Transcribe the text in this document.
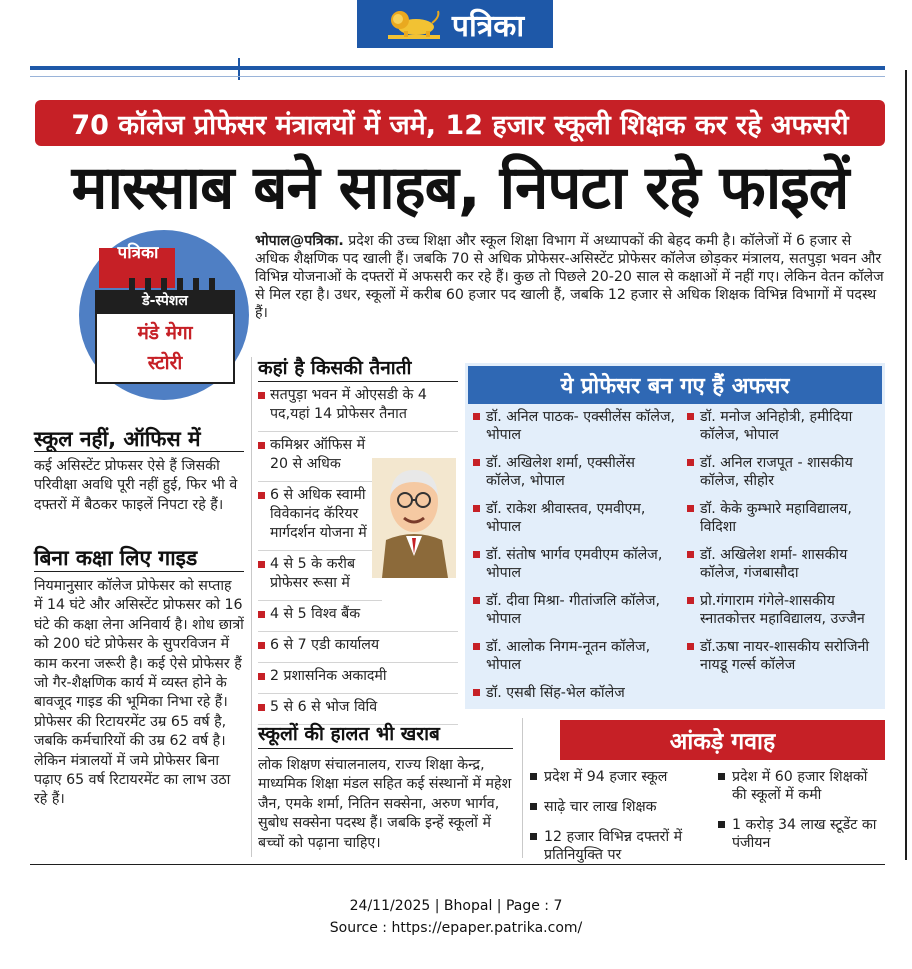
पत्रिका
70 कॉलेज प्रोफेसर मंत्रालयों में जमे, 12 हजार स्कूली शिक्षक कर रहे अफसरी
मास्साब बने साहब, निपटा रहे फाइलें
पत्रिका
डे-स्पेशल
मंडे मेगा
स्टोरी
भोपाल@पत्रिका. प्रदेश की उच्च शिक्षा और स्कूल शिक्षा विभाग में अध्यापकों की बेहद कमी है। कॉलेजों में 6 हजार से अधिक शैक्षणिक पद खाली हैं। जबकि 70 से अधिक प्रोफेसर-असिस्टेंट प्रोफेसर कॉलेज छोड़कर मंत्रालय, सतपुड़ा भवन और विभिन्न योजनाओं के दफ्तरों में अफसरी कर रहे हैं। कुछ तो पिछले 20-20 साल से कक्षाओं में नहीं गए। लेकिन वेतन कॉलेज से मिल रहा है। उधर, स्कूलों में करीब 60 हजार पद खाली हैं, जबकि 12 हजार से अधिक शिक्षक विभिन्न विभागों में पदस्थ हैं।
स्कूल नहीं, ऑफिस में
कई असिस्टेंट प्रोफसर ऐसे हैं जिसकी परिवीक्षा अवधि पूरी नहीं हुई, फिर भी वे दफ्तरों में बैठकर फाइलें निपटा रहे हैं।
बिना कक्षा लिए गाइड
नियमानुसार कॉलेज प्रोफेसर को सप्ताह में 14 घंटे और असिस्टेंट प्रोफसर को 16 घंटे की कक्षा लेना अनिवार्य है। शोध छात्रों को 200 घंटे प्रोफेसर के सुपरविजन में काम करना जरूरी है। कई ऐसे प्रोफेसर हैं जो गैर-शैक्षणिक कार्य में व्यस्त होने के बावजूद गाइड की भूमिका निभा रहे हैं। प्रोफेसर की रिटायरमेंट उम्र 65 वर्ष है, जबकि कर्मचारियों की उम्र 62 वर्ष है। लेकिन मंत्रालयों में जमे प्रोफेसर बिना पढ़ाए 65 वर्ष रिटायरमेंट का लाभ उठा रहे हैं।
कहां है किसकी तैनाती
सतपुड़ा भवन में ओएसडी के 4 पद,यहां 14 प्रोफेसर तैनात
कमिश्नर ऑफिस में 20 से अधिक
6 से अधिक स्वामी विवेकानंद कॅरियर मार्गदर्शन योजना में
4 से 5 के करीब प्रोफेसर रूसा में
4 से 5 विश्व बैंक
6 से 7 एडी कार्यालय
2 प्रशासनिक अकादमी
5 से 6 से भोज विवि
ये प्रोफेसर बन गए हैं अफसर
डॉ. अनिल पाठक- एक्सीलेंस कॉलेज, भोपाल
डॉ. अखिलेश शर्मा, एक्सीलेंस कॉलेज, भोपाल
डॉ. राकेश श्रीवास्तव, एमवीएम, भोपाल
डॉ. संतोष भार्गव एमवीएम कॉलेज, भोपाल
डॉ. दीवा मिश्रा- गीतांजलि कॉलेज, भोपाल
डॉ. आलोक निगम-नूतन कॉलेज, भोपाल
डॉ. एसबी सिंह-भेल कॉलेज
डॉ. मनोज अनिहोत्री, हमीदिया कॉलेज, भोपाल
डॉ. अनिल राजपूत - शासकीय कॉलेज, सीहोर
डॉ. केके कुम्भारे महाविद्यालय, विदिशा
डॉ. अखिलेश शर्मा- शासकीय कॉलेज, गंजबासौदा
प्रो.गंगाराम गंगेले-शासकीय स्नातकोत्तर महाविद्यालय, उज्जैन
डॉ.ऊषा नायर-शासकीय सरोजिनी नायडू गर्ल्स कॉलेज
स्कूलों की हालत भी खराब
लोक शिक्षण संचालनालय, राज्य शिक्षा केन्द्र, माध्यमिक शिक्षा मंडल सहित कई संस्थानों में महेश जैन, एमके शर्मा, नितिन सक्सेना, अरुण भार्गव, सुबोध सक्सेना पदस्थ हैं। जबकि इन्हें स्कूलों में बच्चों को पढ़ाना चाहिए।
आंकड़े गवाह
प्रदेश में 94 हजार स्कूल
साढ़े चार लाख शिक्षक
12 हजार विभिन्न दफ्तरों में प्रतिनियुक्ति पर
प्रदेश में 60 हजार शिक्षकों की स्कूलों में कमी
1 करोड़ 34 लाख स्टूडेंट का पंजीयन
24/11/2025 | Bhopal | Page : 7
Source : https://epaper.patrika.com/
